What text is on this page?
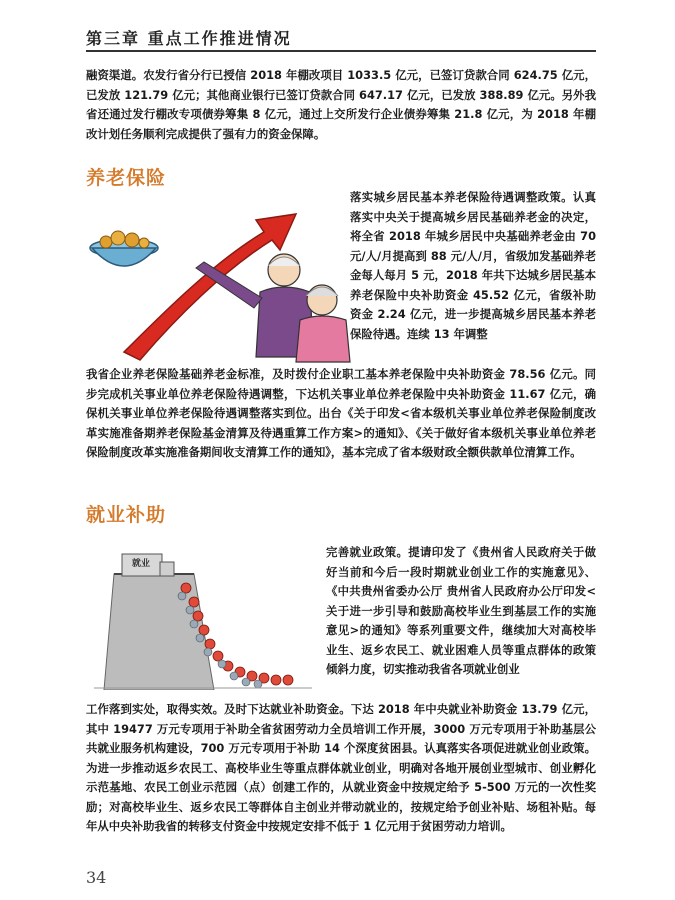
第三章 重点工作推进情况

融资渠道。农发行省分行已授信 2018 年棚改项目 1033.5 亿元，已签订贷款合同 624.75 亿元，已发放 121.79 亿元；其他商业银行已签订贷款合同 647.17 亿元，已发放 388.89 亿元。另外我省还通过发行棚改专项债券筹集 8 亿元，通过上交所发行企业债券筹集 21.8 亿元，为 2018 年棚改计划任务顺利完成提供了强有力的资金保障。

养老保险

落实城乡居民基本养老保险待遇调整政策。认真落实中央关于提高城乡居民基础养老金的决定，将全省 2018 年城乡居民中央基础养老金由 70 元/人/月提高到 88 元/人/月，省级加发基础养老金每人每月 5 元，2018 年共下达城乡居民基本养老保险中央补助资金 45.52 亿元，省级补助资金 2.24 亿元，进一步提高城乡居民基本养老保险待遇。连续 13 年调整

我省企业养老保险基础养老金标准，及时拨付企业职工基本养老保险中央补助资金 78.56 亿元。同步完成机关事业单位养老保险待遇调整，下达机关事业单位养老保险中央补助资金 11.67 亿元，确保机关事业单位养老保险待遇调整落实到位。出台《关于印发<省本级机关事业单位养老保险制度改革实施准备期养老保险基金清算及待遇重算工作方案>的通知》、《关于做好省本级机关事业单位养老保险制度改革实施准备期间收支清算工作的通知》，基本完成了省本级财政全额供款单位清算工作。

就业补助
就业

完善就业政策。提请印发了《贵州省人民政府关于做好当前和今后一段时期就业创业工作的实施意见》、《中共贵州省委办公厅 贵州省人民政府办公厅印发<关于进一步引导和鼓励高校毕业生到基层工作的实施意见>的通知》等系列重要文件，继续加大对高校毕业生、返乡农民工、就业困难人员等重点群体的政策倾斜力度，切实推动我省各项就业创业

工作落到实处，取得实效。及时下达就业补助资金。下达 2018 年中央就业补助资金 13.79 亿元，其中 19477 万元专项用于补助全省贫困劳动力全员培训工作开展，3000 万元专项用于补助基层公共就业服务机构建设，700 万元专项用于补助 14 个深度贫困县。认真落实各项促进就业创业政策。为进一步推动返乡农民工、高校毕业生等重点群体就业创业，明确对各地开展创业型城市、创业孵化示范基地、农民工创业示范园（点）创建工作的，从就业资金中按规定给予 5-500 万元的一次性奖励；对高校毕业生、返乡农民工等群体自主创业并带动就业的，按规定给予创业补贴、场租补贴。每年从中央补助我省的转移支付资金中按规定安排不低于 1 亿元用于贫困劳动力培训。

34
